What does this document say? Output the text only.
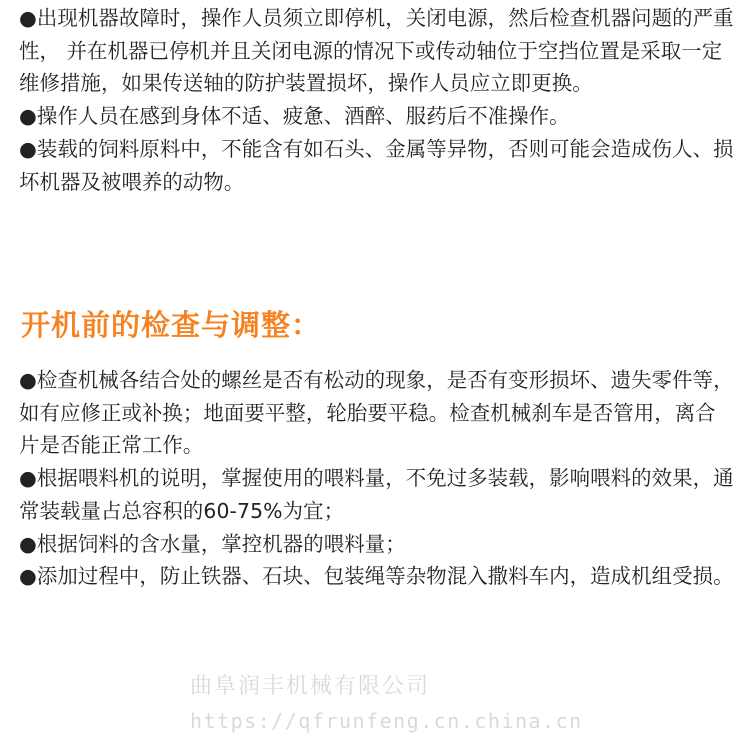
●出现机器故障时，操作人员须立即停机，关闭电源，然后检查机器问题的严重性， 并在机器已停机并且关闭电源的情况下或传动轴位于空挡位置是采取一定维修措施，如果传送轴的防护装置损坏，操作人员应立即更换。

●操作人员在感到身体不适、疲惫、酒醉、服药后不准操作。

●装载的饲料原料中，不能含有如石头、金属等异物，否则可能会造成伤人、损坏机器及被喂养的动物。

开机前的检查与调整：

●检查机械各结合处的螺丝是否有松动的现象，是否有变形损坏、遗失零件等，如有应修正或补换；地面要平整，轮胎要平稳。检查机械刹车是否管用，离合片是否能正常工作。

●根据喂料机的说明，掌握使用的喂料量，不免过多装载，影响喂料的效果，通常装载量占总容积的60-75%为宜；

●根据饲料的含水量，掌控机器的喂料量；

●添加过程中，防止铁器、石块、包装绳等杂物混入撒料车内，造成机组受损。

曲阜润丰机械有限公司
https://qfrunfeng.cn.china.cn
